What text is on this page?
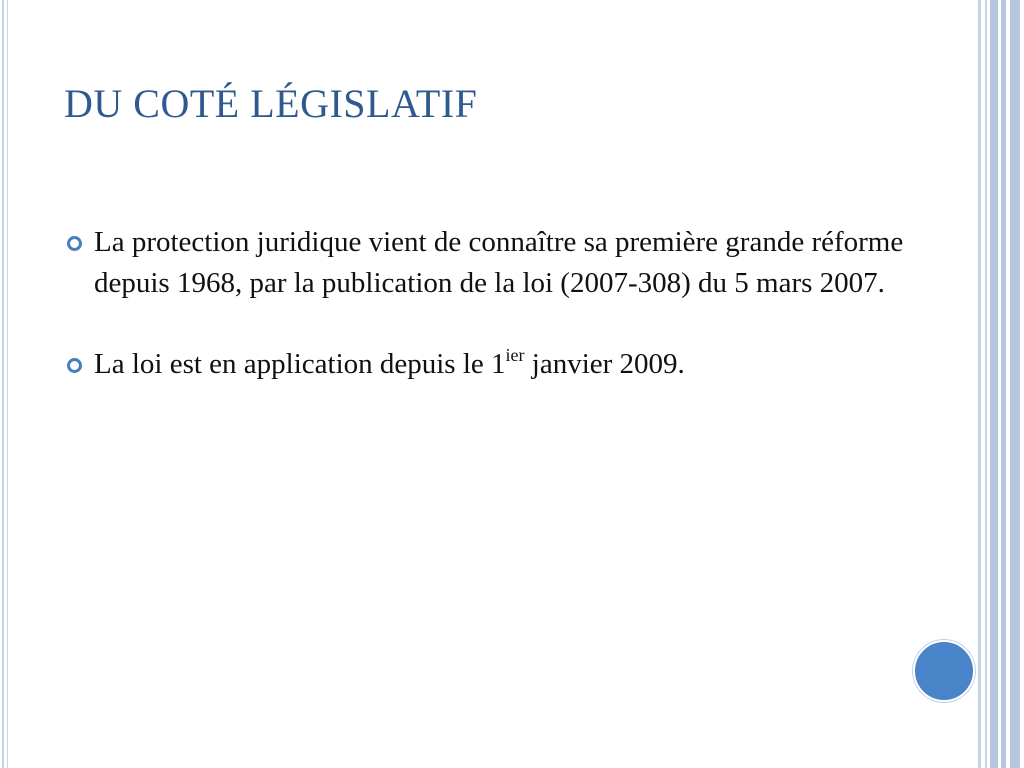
DU COTÉ LÉGISLATIF
La protection juridique vient de connaître sa première grande réforme depuis 1968, par la publication de la loi (2007-308) du 5 mars 2007.
La loi est en application depuis le $1^{ier}$ janvier 2009.
